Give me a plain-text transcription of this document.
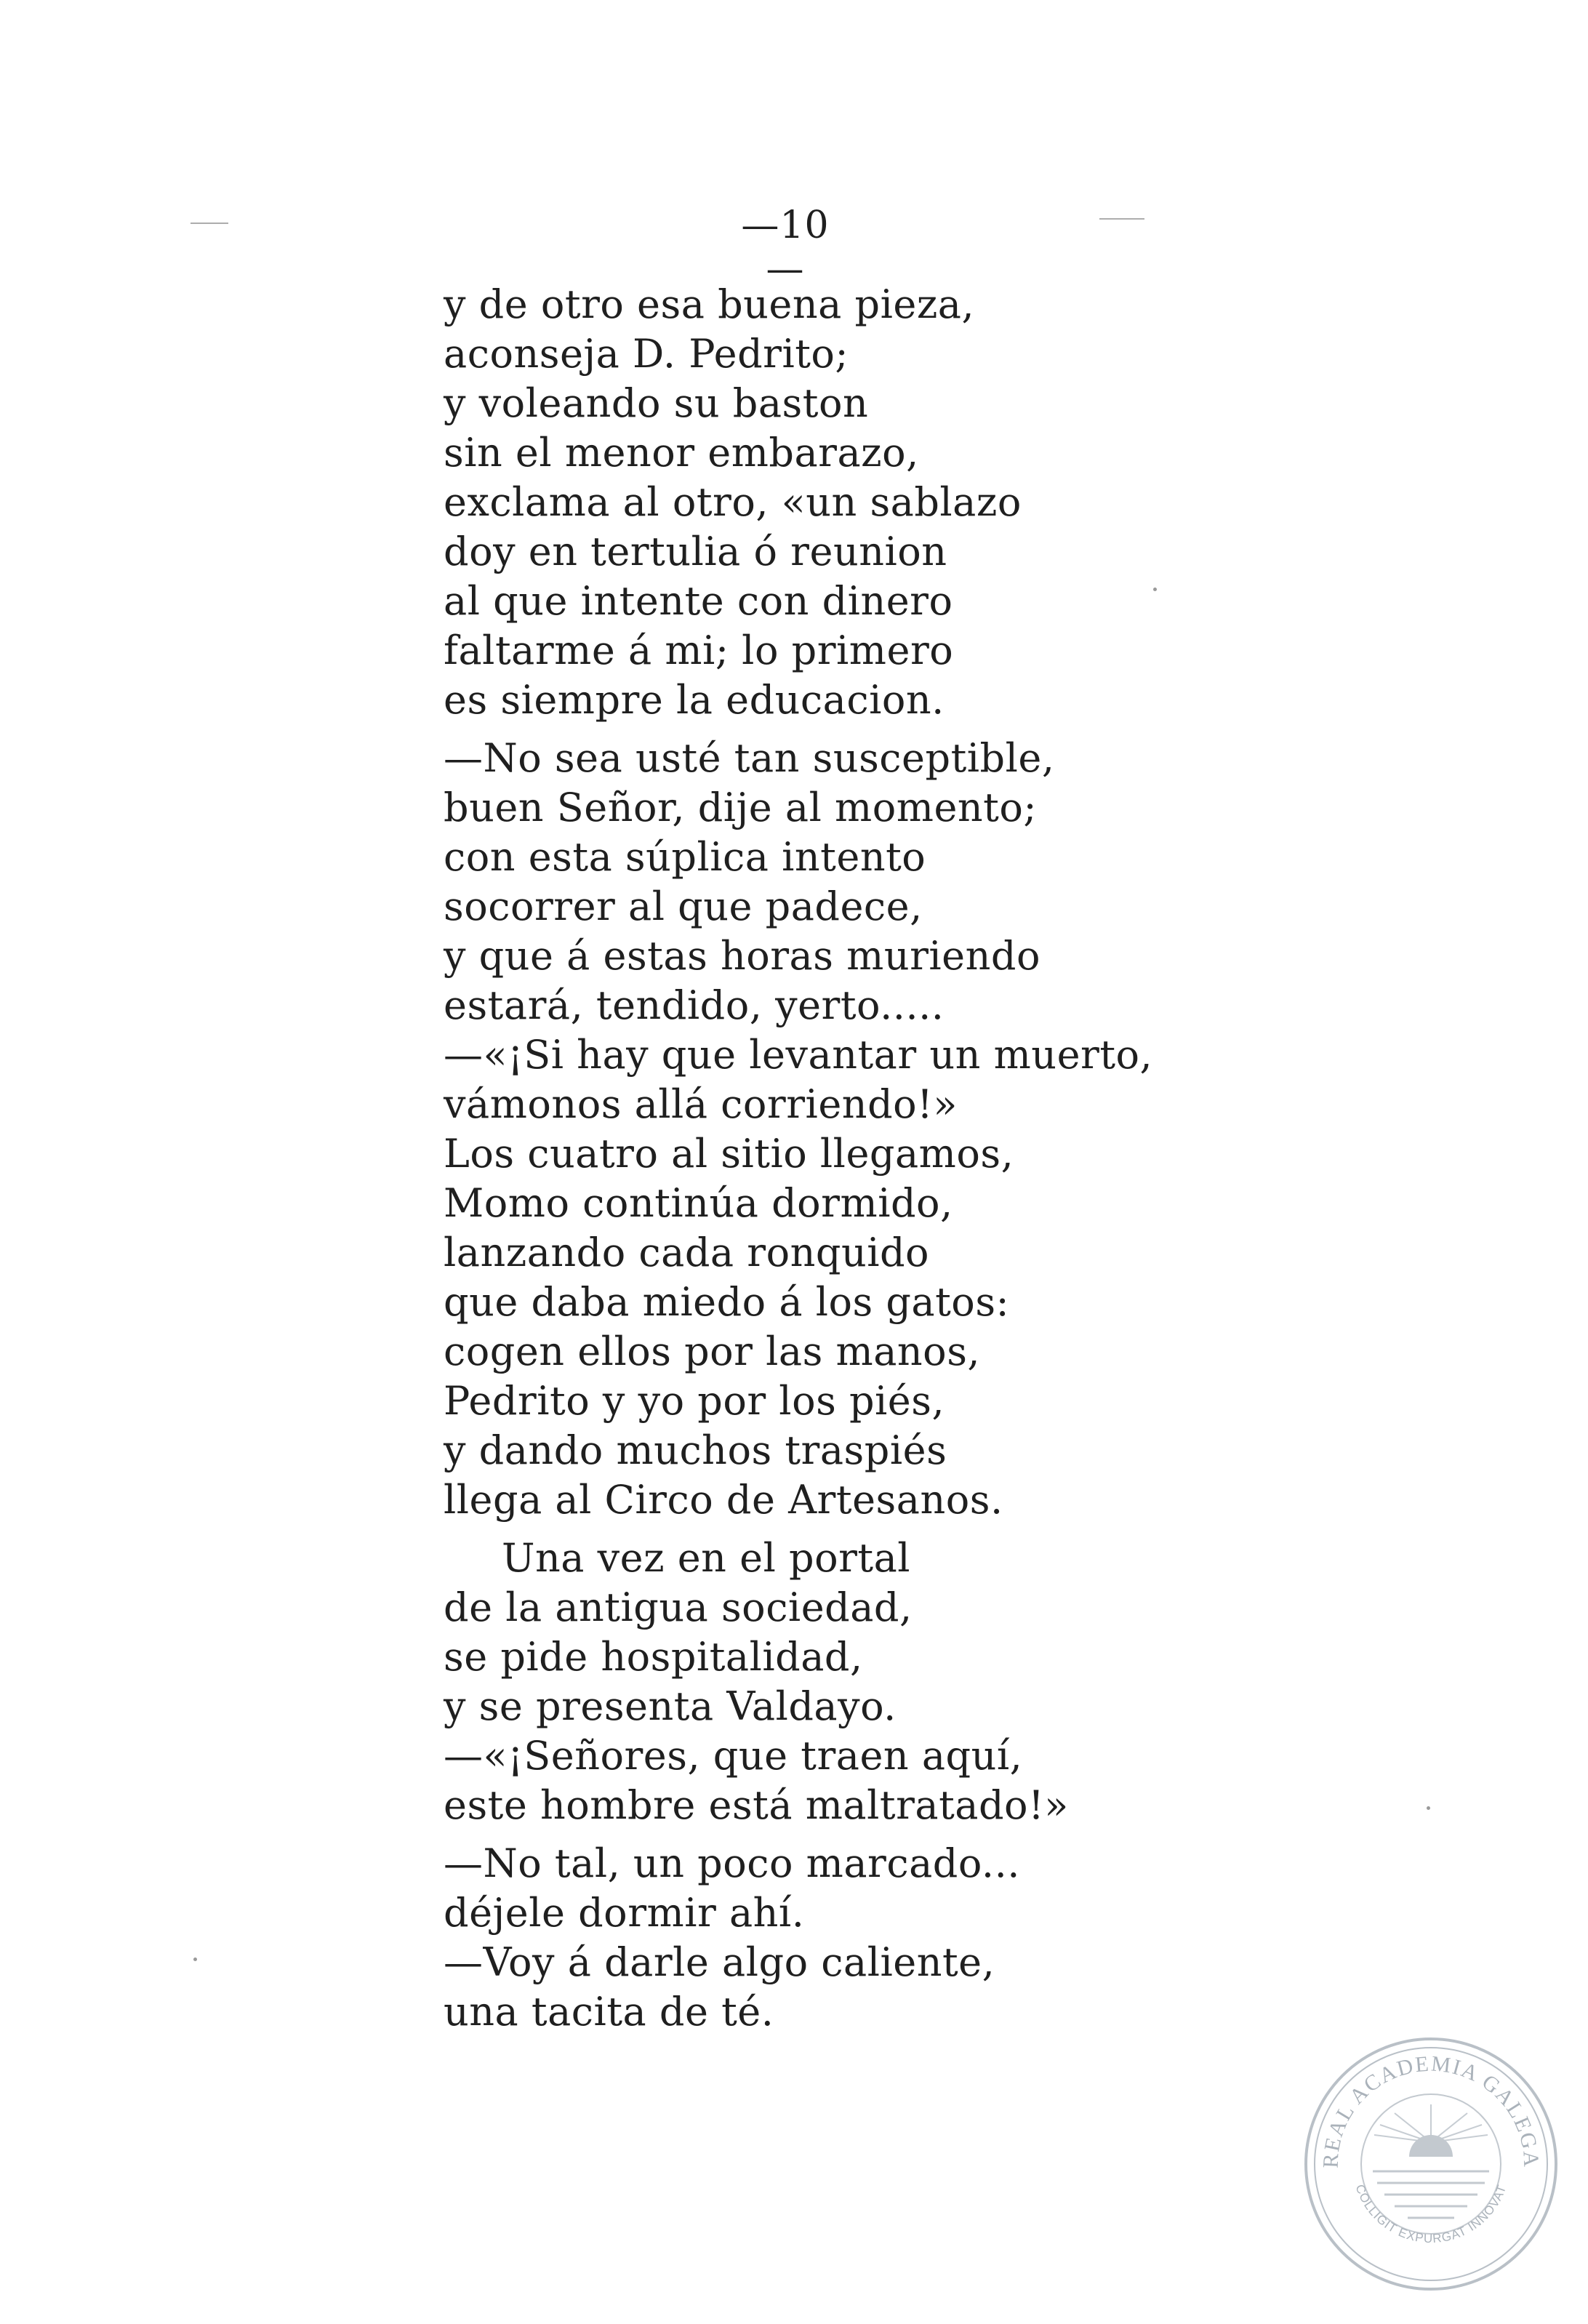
—10—
y de otro esa buena pieza,
aconseja D. Pedrito;
y voleando su baston
sin el menor embarazo,
exclama al otro, «un sablazo
doy en tertulia ó reunion
al que intente con dinero
faltarme á mi; lo primero
es siempre la educacion.
—No sea usté tan susceptible,
buen Señor, dije al momento;
con esta súplica intento
socorrer al que padece,
y que á estas horas muriendo
estará, tendido, yerto.....
—«¡Si hay que levantar un muerto,
vámonos allá corriendo!»
Los cuatro al sitio llegamos,
Momo continúa dormido,
lanzando cada ronquido
que daba miedo á los gatos:
cogen ellos por las manos,
Pedrito y yo por los piés,
y dando muchos traspiés
llega al Circo de Artesanos.
Una vez en el portal
de la antigua sociedad,
se pide hospitalidad,
y se presenta Valdayo.
—«¡Señores, que traen aquí,
este hombre está maltratado!»
—No tal, un poco marcado...
déjele dormir ahí.
—Voy á darle algo caliente,
una tacita de té.
REAL ACADEMIA GALEGA
COLLIGIT EXPURGAT INNOVAT
